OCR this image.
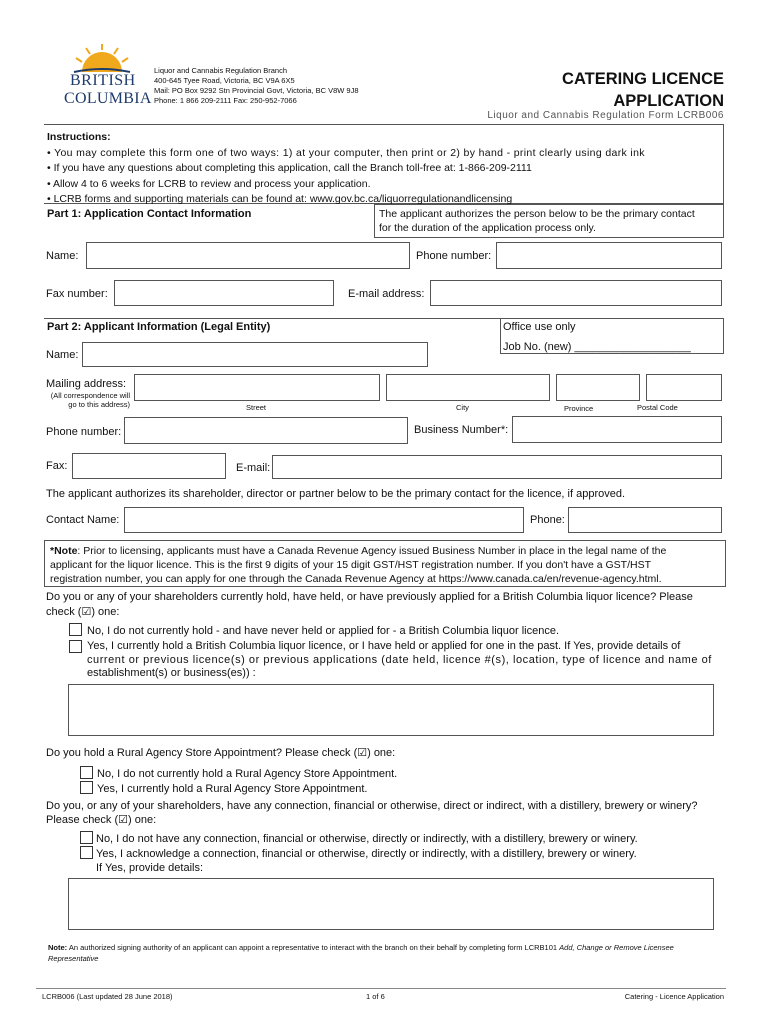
BRITISH
COLUMBIA
Liquor and Cannabis Regulation Branch
400-645 Tyee Road, Victoria, BC V9A 6X5
Mail: PO Box 9292 Stn Provincial Govt, Victoria, BC V8W 9J8
Phone: 1 866 209-2111 Fax: 250-952-7066
CATERING LICENCE
APPLICATION
Liquor and Cannabis Regulation Form LCRB006
Instructions:
• You may complete this form one of two ways: 1) at your computer, then print or 2) by hand - print clearly using dark ink
• If you have any questions about completing this application, call the Branch toll-free at: 1-866-209-2111
• Allow 4 to 6 weeks for LCRB to review and process your application.
• LCRB forms and supporting materials can be found at: www.gov.bc.ca/liquorregulationandlicensing
Part 1: Application Contact Information	The applicant authorizes the person below to be the primary contact
for the duration of the application process only.
Name:	Phone number:
Fax number:	E-mail address:
Part 2: Applicant Information (Legal Entity)	Office use only
Job No. (new) ___________________
Name:
Mailing address:
(All correspondence will
go to this address)	Street	City	Province	Postal Code
Phone number:	Business Number*:
Fax:	E-mail:
The applicant authorizes its shareholder, director or partner below to be the primary contact for the licence, if approved.
Contact Name:	Phone:
*Note: Prior to licensing, applicants must have a Canada Revenue Agency issued Business Number in place in the legal name of the
applicant for the liquor licence. This is the first 9 digits of your 15 digit GST/HST registration number. If you don't have a GST/HST
registration number, you can apply for one through the Canada Revenue Agency at https://www.canada.ca/en/revenue-agency.html.
Do you or any of your shareholders currently hold, have held, or have previously applied for a British Columbia liquor licence? Please
check (☑) one:
No, I do not currently hold - and have never held or applied for - a British Columbia liquor licence.
Yes, I currently hold a British Columbia liquor licence, or I have held or applied for one in the past. If Yes, provide details of
current or previous licence(s) or previous applications (date held, licence #(s), location, type of licence and name of
establishment(s) or business(es)) :
Do you hold a Rural Agency Store Appointment? Please check (☑) one:
No, I do not currently hold a Rural Agency Store Appointment.
Yes, I currently hold a Rural Agency Store Appointment.
Do you, or any of your shareholders, have any connection, financial or otherwise, direct or indirect, with a distillery, brewery or winery?
Please check (☑) one:
No, I do not have any connection, financial or otherwise, directly or indirectly, with a distillery, brewery or winery.
Yes, I acknowledge a connection, financial or otherwise, directly or indirectly, with a distillery, brewery or winery.
If Yes, provide details:
Note: An authorized signing authority of an applicant can appoint a representative to interact with the branch on their behalf by completing form LCRB101 Add, Change or Remove Licensee
Representative
LCRB006 (Last updated 28 June 2018)	1 of 6	Catering - Licence Application
